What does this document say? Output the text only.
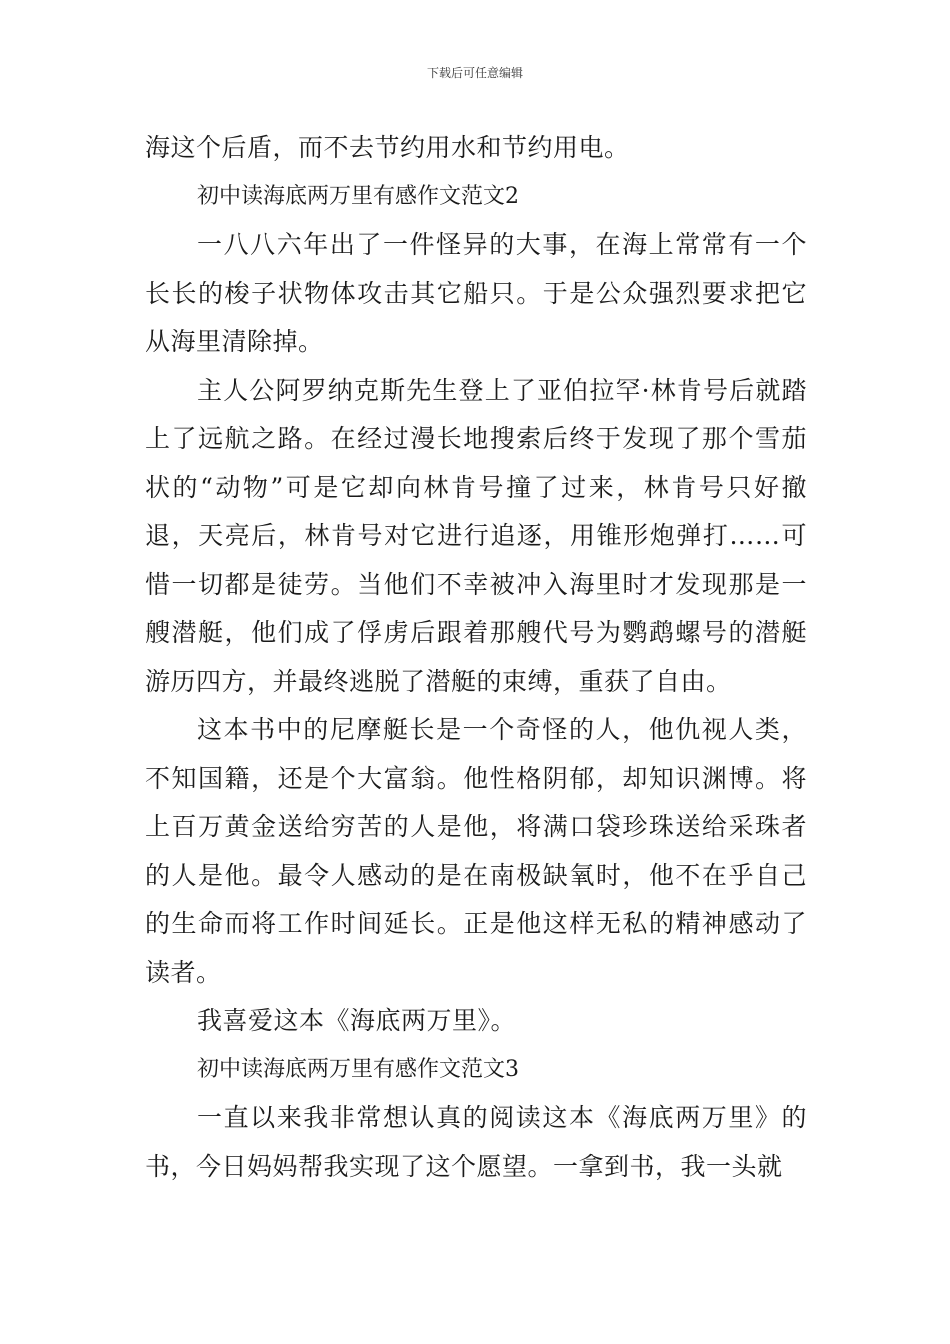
下载后可任意编辑

海这个后盾，而不去节约用水和节约用电。

初中读海底两万里有感作文范文2

一八八六年出了一件怪异的大事，在海上常常有一个长长的梭子状物体攻击其它船只。于是公众强烈要求把它从海里清除掉。

主人公阿罗纳克斯先生登上了亚伯拉罕·林肯号后就踏上了远航之路。在经过漫长地搜索后终于发现了那个雪茄状的“动物”可是它却向林肯号撞了过来，林肯号只好撤退，天亮后，林肯号对它进行追逐，用锥形炮弹打……可惜一切都是徒劳。当他们不幸被冲入海里时才发现那是一艘潜艇，他们成了俘虏后跟着那艘代号为鹦鹉螺号的潜艇游历四方，并最终逃脱了潜艇的束缚，重获了自由。

这本书中的尼摩艇长是一个奇怪的人，他仇视人类，不知国籍，还是个大富翁。他性格阴郁，却知识渊博。将上百万黄金送给穷苦的人是他，将满口袋珍珠送给采珠者的人是他。最令人感动的是在南极缺氧时，他不在乎自己的生命而将工作时间延长。正是他这样无私的精神感动了读者。

我喜爱这本《海底两万里》。

初中读海底两万里有感作文范文3

一直以来我非常想认真的阅读这本《海底两万里》的书，今日妈妈帮我实现了这个愿望。一拿到书，我一头就
